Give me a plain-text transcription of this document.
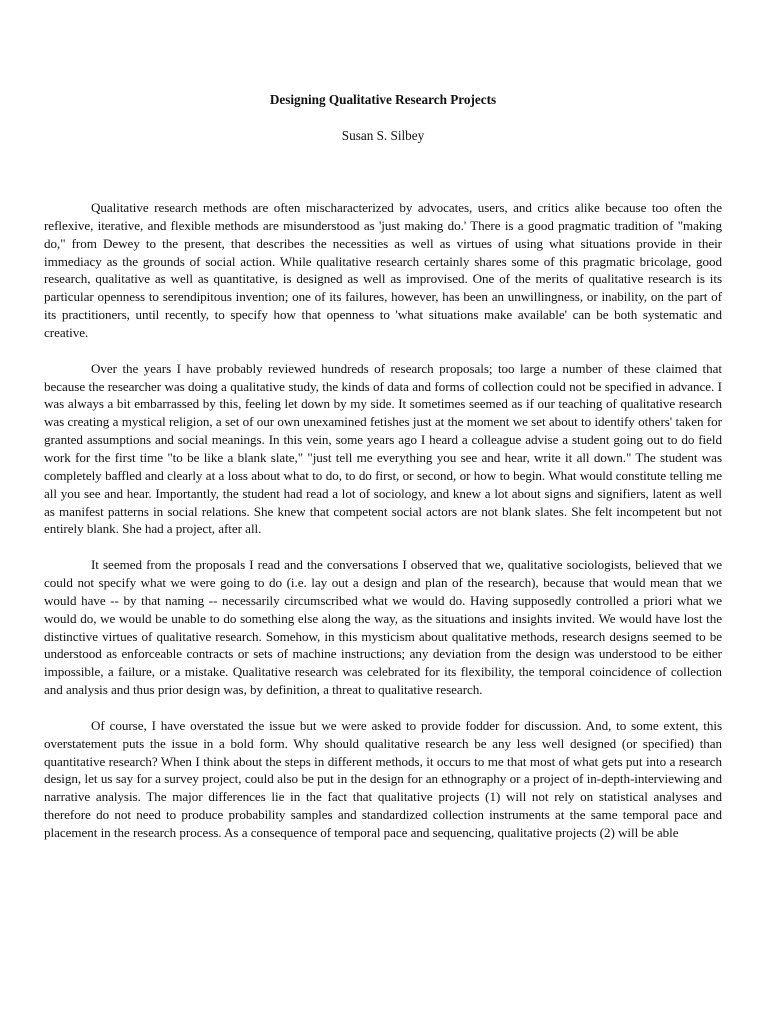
Designing Qualitative Research Projects

Susan S. Silbey

Qualitative research methods are often mischaracterized by advocates, users, and critics alike because too often the reflexive, iterative, and flexible methods are misunderstood as 'just making do.' There is a good pragmatic tradition of "making do," from Dewey to the present, that describes the necessities as well as virtues of using what situations provide in their immediacy as the grounds of social action. While qualitative research certainly shares some of this pragmatic bricolage, good research, qualitative as well as quantitative, is designed as well as improvised. One of the merits of qualitative research is its particular openness to serendipitous invention; one of its failures, however, has been an unwillingness, or inability, on the part of its practitioners, until recently, to specify how that openness to 'what situations make available' can be both systematic and creative.

Over the years I have probably reviewed hundreds of research proposals; too large a number of these claimed that because the researcher was doing a qualitative study, the kinds of data and forms of collection could not be specified in advance. I was always a bit embarrassed by this, feeling let down by my side. It sometimes seemed as if our teaching of qualitative research was creating a mystical religion, a set of our own unexamined fetishes just at the moment we set about to identify others' taken for granted assumptions and social meanings. In this vein, some years ago I heard a colleague advise a student going out to do field work for the first time "to be like a blank slate," "just tell me everything you see and hear, write it all down." The student was completely baffled and clearly at a loss about what to do, to do first, or second, or how to begin. What would constitute telling me all you see and hear. Importantly, the student had read a lot of sociology, and knew a lot about signs and signifiers, latent as well as manifest patterns in social relations. She knew that competent social actors are not blank slates. She felt incompetent but not entirely blank. She had a project, after all.

It seemed from the proposals I read and the conversations I observed that we, qualitative sociologists, believed that we could not specify what we were going to do (i.e. lay out a design and plan of the research), because that would mean that we would have -- by that naming -- necessarily circumscribed what we would do. Having supposedly controlled a priori what we would do, we would be unable to do something else along the way, as the situations and insights invited. We would have lost the distinctive virtues of qualitative research. Somehow, in this mysticism about qualitative methods, research designs seemed to be understood as enforceable contracts or sets of machine instructions; any deviation from the design was understood to be either impossible, a failure, or a mistake. Qualitative research was celebrated for its flexibility, the temporal coincidence of collection and analysis and thus prior design was, by definition, a threat to qualitative research.

Of course, I have overstated the issue but we were asked to provide fodder for discussion. And, to some extent, this overstatement puts the issue in a bold form. Why should qualitative research be any less well designed (or specified) than quantitative research? When I think about the steps in different methods, it occurs to me that most of what gets put into a research design, let us say for a survey project, could also be put in the design for an ethnography or a project of in-depth-interviewing and narrative analysis. The major differences lie in the fact that qualitative projects (1) will not rely on statistical analyses and therefore do not need to produce probability samples and standardized collection instruments at the same temporal pace and placement in the research process. As a consequence of temporal pace and sequencing, qualitative projects (2) will be able
